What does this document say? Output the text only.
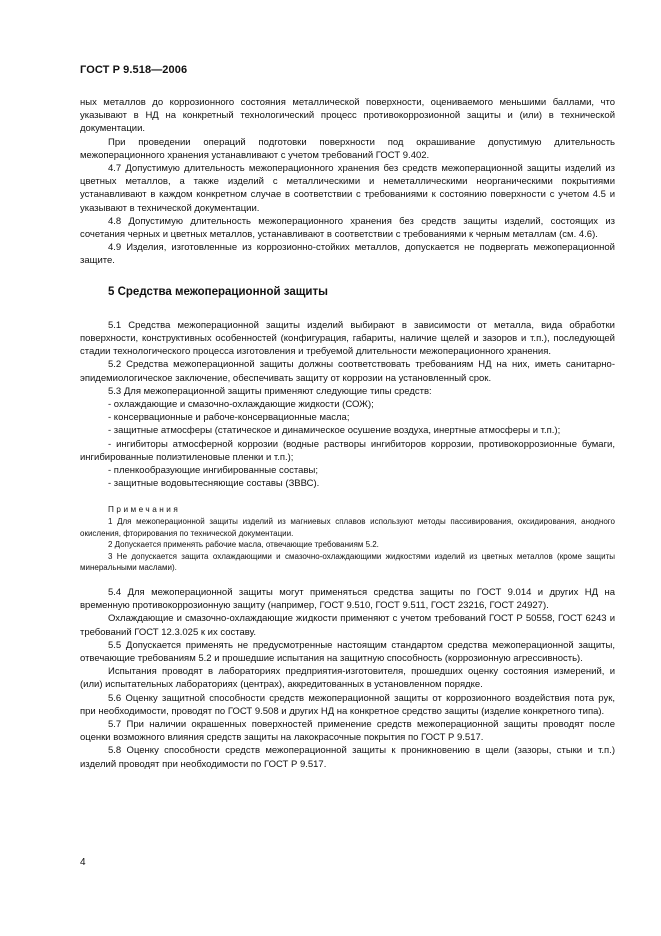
ГОСТ Р 9.518—2006

ных металлов до коррозионного состояния металлической поверхности, оцениваемого меньшими баллами, что указывают в НД на конкретный технологический процесс противокоррозионной защиты и (или) в технической документации.

При проведении операций подготовки поверхности под окрашивание допустимую длительность межоперационного хранения устанавливают с учетом требований ГОСТ 9.402.

4.7 Допустимую длительность межоперационного хранения без средств межоперационной защиты изделий из цветных металлов, а также изделий с металлическими и неметаллическими неорганическими покрытиями устанавливают в каждом конкретном случае в соответствии с требованиями к состоянию поверхности с учетом 4.5 и указывают в технической документации.

4.8 Допустимую длительность межоперационного хранения без средств защиты изделий, состоящих из сочетания черных и цветных металлов, устанавливают в соответствии с требованиями к черным металлам (см. 4.6).

4.9 Изделия, изготовленные из коррозионно-стойких металлов, допускается не подвергать межоперационной защите.

5 Средства межоперационной защиты

5.1 Средства межоперационной защиты изделий выбирают в зависимости от металла, вида обработки поверхности, конструктивных особенностей (конфигурация, габариты, наличие щелей и зазоров и т.п.), последующей стадии технологического процесса изготовления и требуемой длительности межоперационного хранения.

5.2 Средства межоперационной защиты должны соответствовать требованиям НД на них, иметь санитарно-эпидемиологическое заключение, обеспечивать защиту от коррозии на установленный срок.

5.3 Для межоперационной защиты применяют следующие типы средств:

- охлаждающие и смазочно-охлаждающие жидкости (СОЖ);

- консервационные и рабоче-консервационные масла;

- защитные атмосферы (статическое и динамическое осушение воздуха, инертные атмосферы и т.п.);

- ингибиторы атмосферной коррозии (водные растворы ингибиторов коррозии, противокоррозионные бумаги, ингибированные полиэтиленовые пленки и т.п.);

- пленкообразующие ингибированные составы;

- защитные водовытесняющие составы (ЗВВС).

Примечания

1 Для межоперационной защиты изделий из магниевых сплавов используют методы пассивирования, оксидирования, анодного окисления, фторирования по технической документации.

2 Допускается применять рабочие масла, отвечающие требованиям 5.2.

3 Не допускается защита охлаждающими и смазочно-охлаждающими жидкостями изделий из цветных металлов (кроме защиты минеральными маслами).

5.4 Для межоперационной защиты могут применяться средства защиты по ГОСТ 9.014 и других НД на временную противокоррозионную защиту (например, ГОСТ 9.510, ГОСТ 9.511, ГОСТ 23216, ГОСТ 24927).

Охлаждающие и смазочно-охлаждающие жидкости применяют с учетом требований ГОСТ Р 50558, ГОСТ 6243 и требований ГОСТ 12.3.025 к их составу.

5.5 Допускается применять не предусмотренные настоящим стандартом средства межоперационной защиты, отвечающие требованиям 5.2 и прошедшие испытания на защитную способность (коррозионную агрессивность).

Испытания проводят в лабораториях предприятия-изготовителя, прошедших оценку состояния измерений, и (или) испытательных лабораториях (центрах), аккредитованных в установленном порядке.

5.6 Оценку защитной способности средств межоперационной защиты от коррозионного воздействия пота рук, при необходимости, проводят по ГОСТ 9.508 и других НД на конкретное средство защиты (изделие конкретного типа).

5.7 При наличии окрашенных поверхностей применение средств межоперационной защиты проводят после оценки возможного влияния средств защиты на лакокрасочные покрытия по ГОСТ Р 9.517.

5.8 Оценку способности средств межоперационной защиты к проникновению в щели (зазоры, стыки и т.п.) изделий проводят при необходимости по ГОСТ Р 9.517.

4
